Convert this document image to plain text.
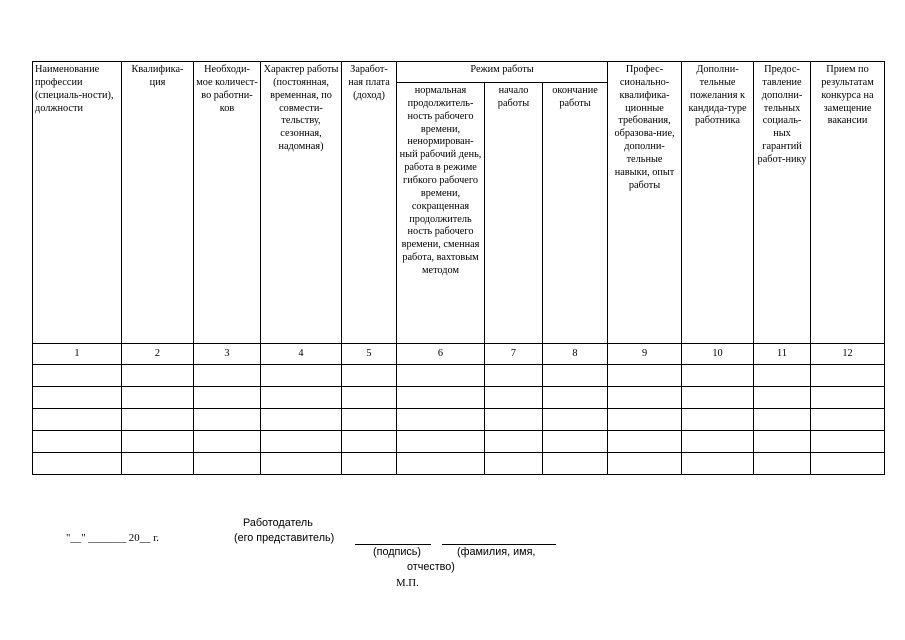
Наименование профессии (специаль-ности), должности	Квалифика-ция	Необходи-мое количест-во работни-ков	Характер работы (постоянная, временная, по совмести-тельству, сезонная, надомная)	Заработ-ная плата (доход)	Режим работы			Профес-сионально-квалифика-ционные требования, образова-ние, дополни-тельные навыки, опыт работы	Дополни-тельные пожелания к кандида-туре работника	Предос-тавление дополни-тельных социаль-ных гарантий работ-нику	Прием по результатам конкурса на замещение вакансии
					нормальная продолжитель-ность рабочего времени, ненормирован-ный рабочий день, работа в режиме гибкого рабочего времени, сокращенная продолжитель ность рабочего времени, сменная работа, вахтовым методом	начало работы	окончание работы				
1	2	3	4	5	6	7	8	9	10	11	12

Работодатель
"__" _______ 20__ г.	(его представитель)
(подпись)	(фамилия, имя,
отчество)
М.П.
